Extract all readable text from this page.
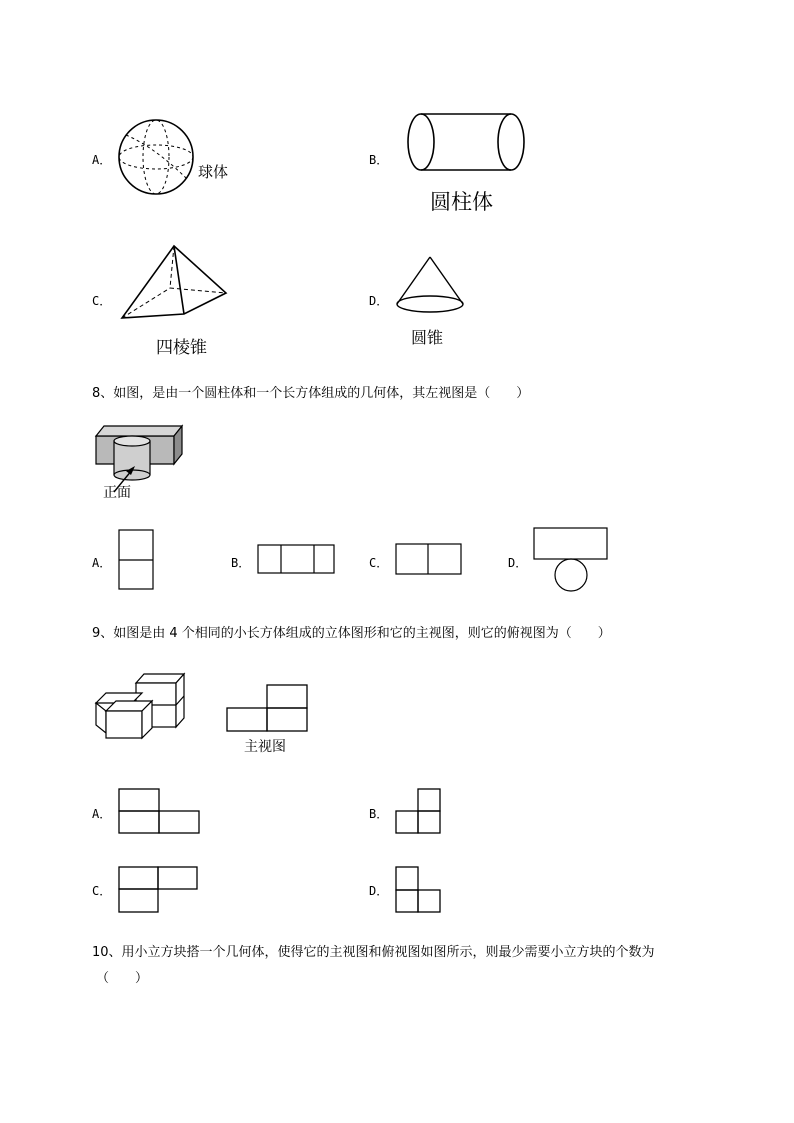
A．
球体
B．
圆柱体
C．
四棱锥
D．
圆锥
8、如图，是由一个圆柱体和一个长方体组成的几何体，其左视图是（　　）
正面
A．	B．	C．	D．
9、如图是由 4 个相同的小长方体组成的立体图形和它的主视图，则它的俯视图为（　　）
主视图
A．	B．
C．	D．
10、用小立方块搭一个几何体，使得它的主视图和俯视图如图所示，则最少需要小立方块的个数为
（　　）
